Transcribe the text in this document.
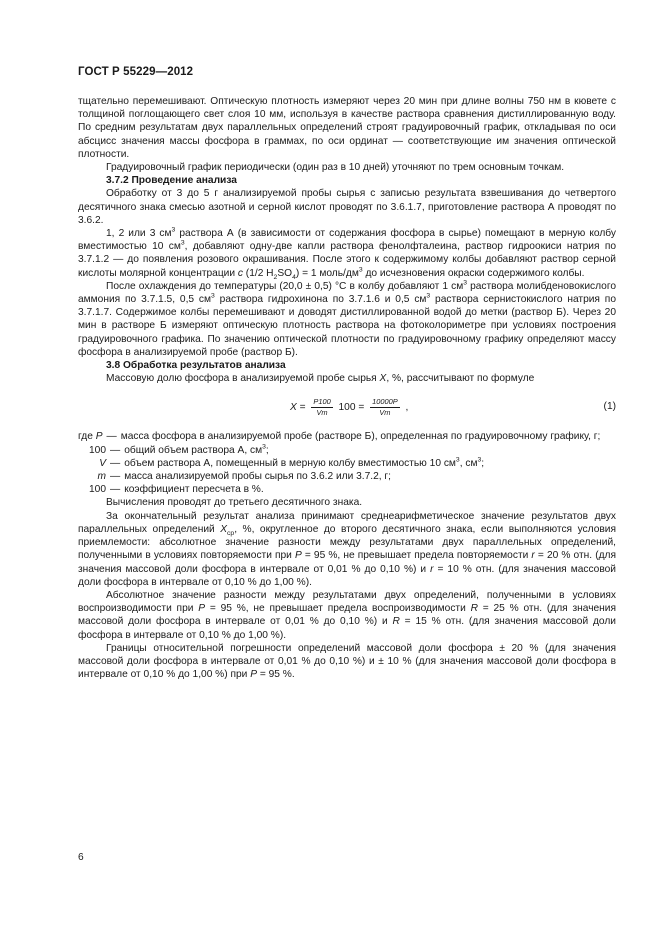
ГОСТ Р 55229—2012

тщательно перемешивают. Оптическую плотность измеряют через 20 мин при длине волны 750 нм в кювете с толщиной поглощающего свет слоя 10 мм, используя в качестве раствора сравнения дистиллированную воду. По средним результатам двух параллельных определений строят градуировочный график, откладывая по оси абсцисс значения массы фосфора в граммах, по оси ординат — соответствующие им значения оптической плотности.

Градуировочный график периодически (один раз в 10 дней) уточняют по трем основным точкам.

3.7.2 Проведение анализа

Обработку от 3 до 5 г анализируемой пробы сырья с записью результата взвешивания до четвертого десятичного знака смесью азотной и серной кислот проводят по 3.6.1.7, приготовление раствора А проводят по 3.6.2.

1, 2 или 3 $см^3$ раствора А (в зависимости от содержания фосфора в сырье) помещают в мерную колбу вместимостью 10 $см^3$, добавляют одну-две капли раствора фенолфталеина, раствор гидроокиси натрия по 3.7.1.2 — до появления розового окрашивания. После этого к содержимому колбы добавляют раствор серной кислоты молярной концентрации c (1/2 $H_2SO_4) = 1$ моль/$дм^3$ до исчезновения окраски содержимого колбы.

После охлаждения до температуры (20,0 ± 0,5) °С в колбу добавляют 1 $см^3$ раствора молибденовокислого аммония по 3.7.1.5, 0,5 $см^3$ раствора гидрохинона по 3.7.1.6 и 0,5 $см^3$ раствора сернистокислого натрия по 3.7.1.7. Содержимое колбы перемешивают и доводят дистиллированной водой до метки (раствор Б). Через 20 мин в растворе Б измеряют оптическую плотность раствора на фотоколориметре при условиях построения градуировочного графика. По значению оптической плотности по градуировочному графику определяют массу фосфора в анализируемой пробе (раствор Б).

3.8 Обработка результатов анализа

Массовую долю фосфора в анализируемой пробе сырья X, %, рассчитывают по формуле

$X = \frac{P100}{Vm} 100 = \frac{10000P}{Vm}$ ,	(1)
где P — масса фосфора в анализируемой пробе (растворе Б), определенная по градуировочному графику, г;
100 — общий объем раствора А, $см^3$;
V — объем раствора А, помещенный в мерную колбу вместимостью 10 $см^3$, $см^3$;
m — масса анализируемой пробы сырья по 3.6.2 или 3.7.2, г;
100 — коэффициент пересчета в %.

Вычисления проводят до третьего десятичного знака.

За окончательный результат анализа принимают среднеарифметическое значение результатов двух параллельных определений $X_{ср}$, %, округленное до второго десятичного знака, если выполняются условия приемлемости: абсолютное значение разности между результатами двух параллельных определений, полученными в условиях повторяемости при P = 95 %, не превышает предела повторяемости r = 20 % отн. (для значения массовой доли фосфора в интервале от 0,01 % до 0,10 %) и r = 10 % отн. (для значения массовой доли фосфора в интервале от 0,10 % до 1,00 %).

Абсолютное значение разности между результатами двух определений, полученными в условиях воспроизводимости при P = 95 %, не превышает предела воспроизводимости R = 25 % отн. (для значения массовой доли фосфора в интервале от 0,01 % до 0,10 %) и R = 15 % отн. (для значения массовой доли фосфора в интервале от 0,10 % до 1,00 %).

Границы относительной погрешности определений массовой доли фосфора ± 20 % (для значения массовой доли фосфора в интервале от 0,01 % до 0,10 %) и ± 10 % (для значения массовой доли фосфора в интервале от 0,10 % до 1,00 %) при P = 95 %.

6
